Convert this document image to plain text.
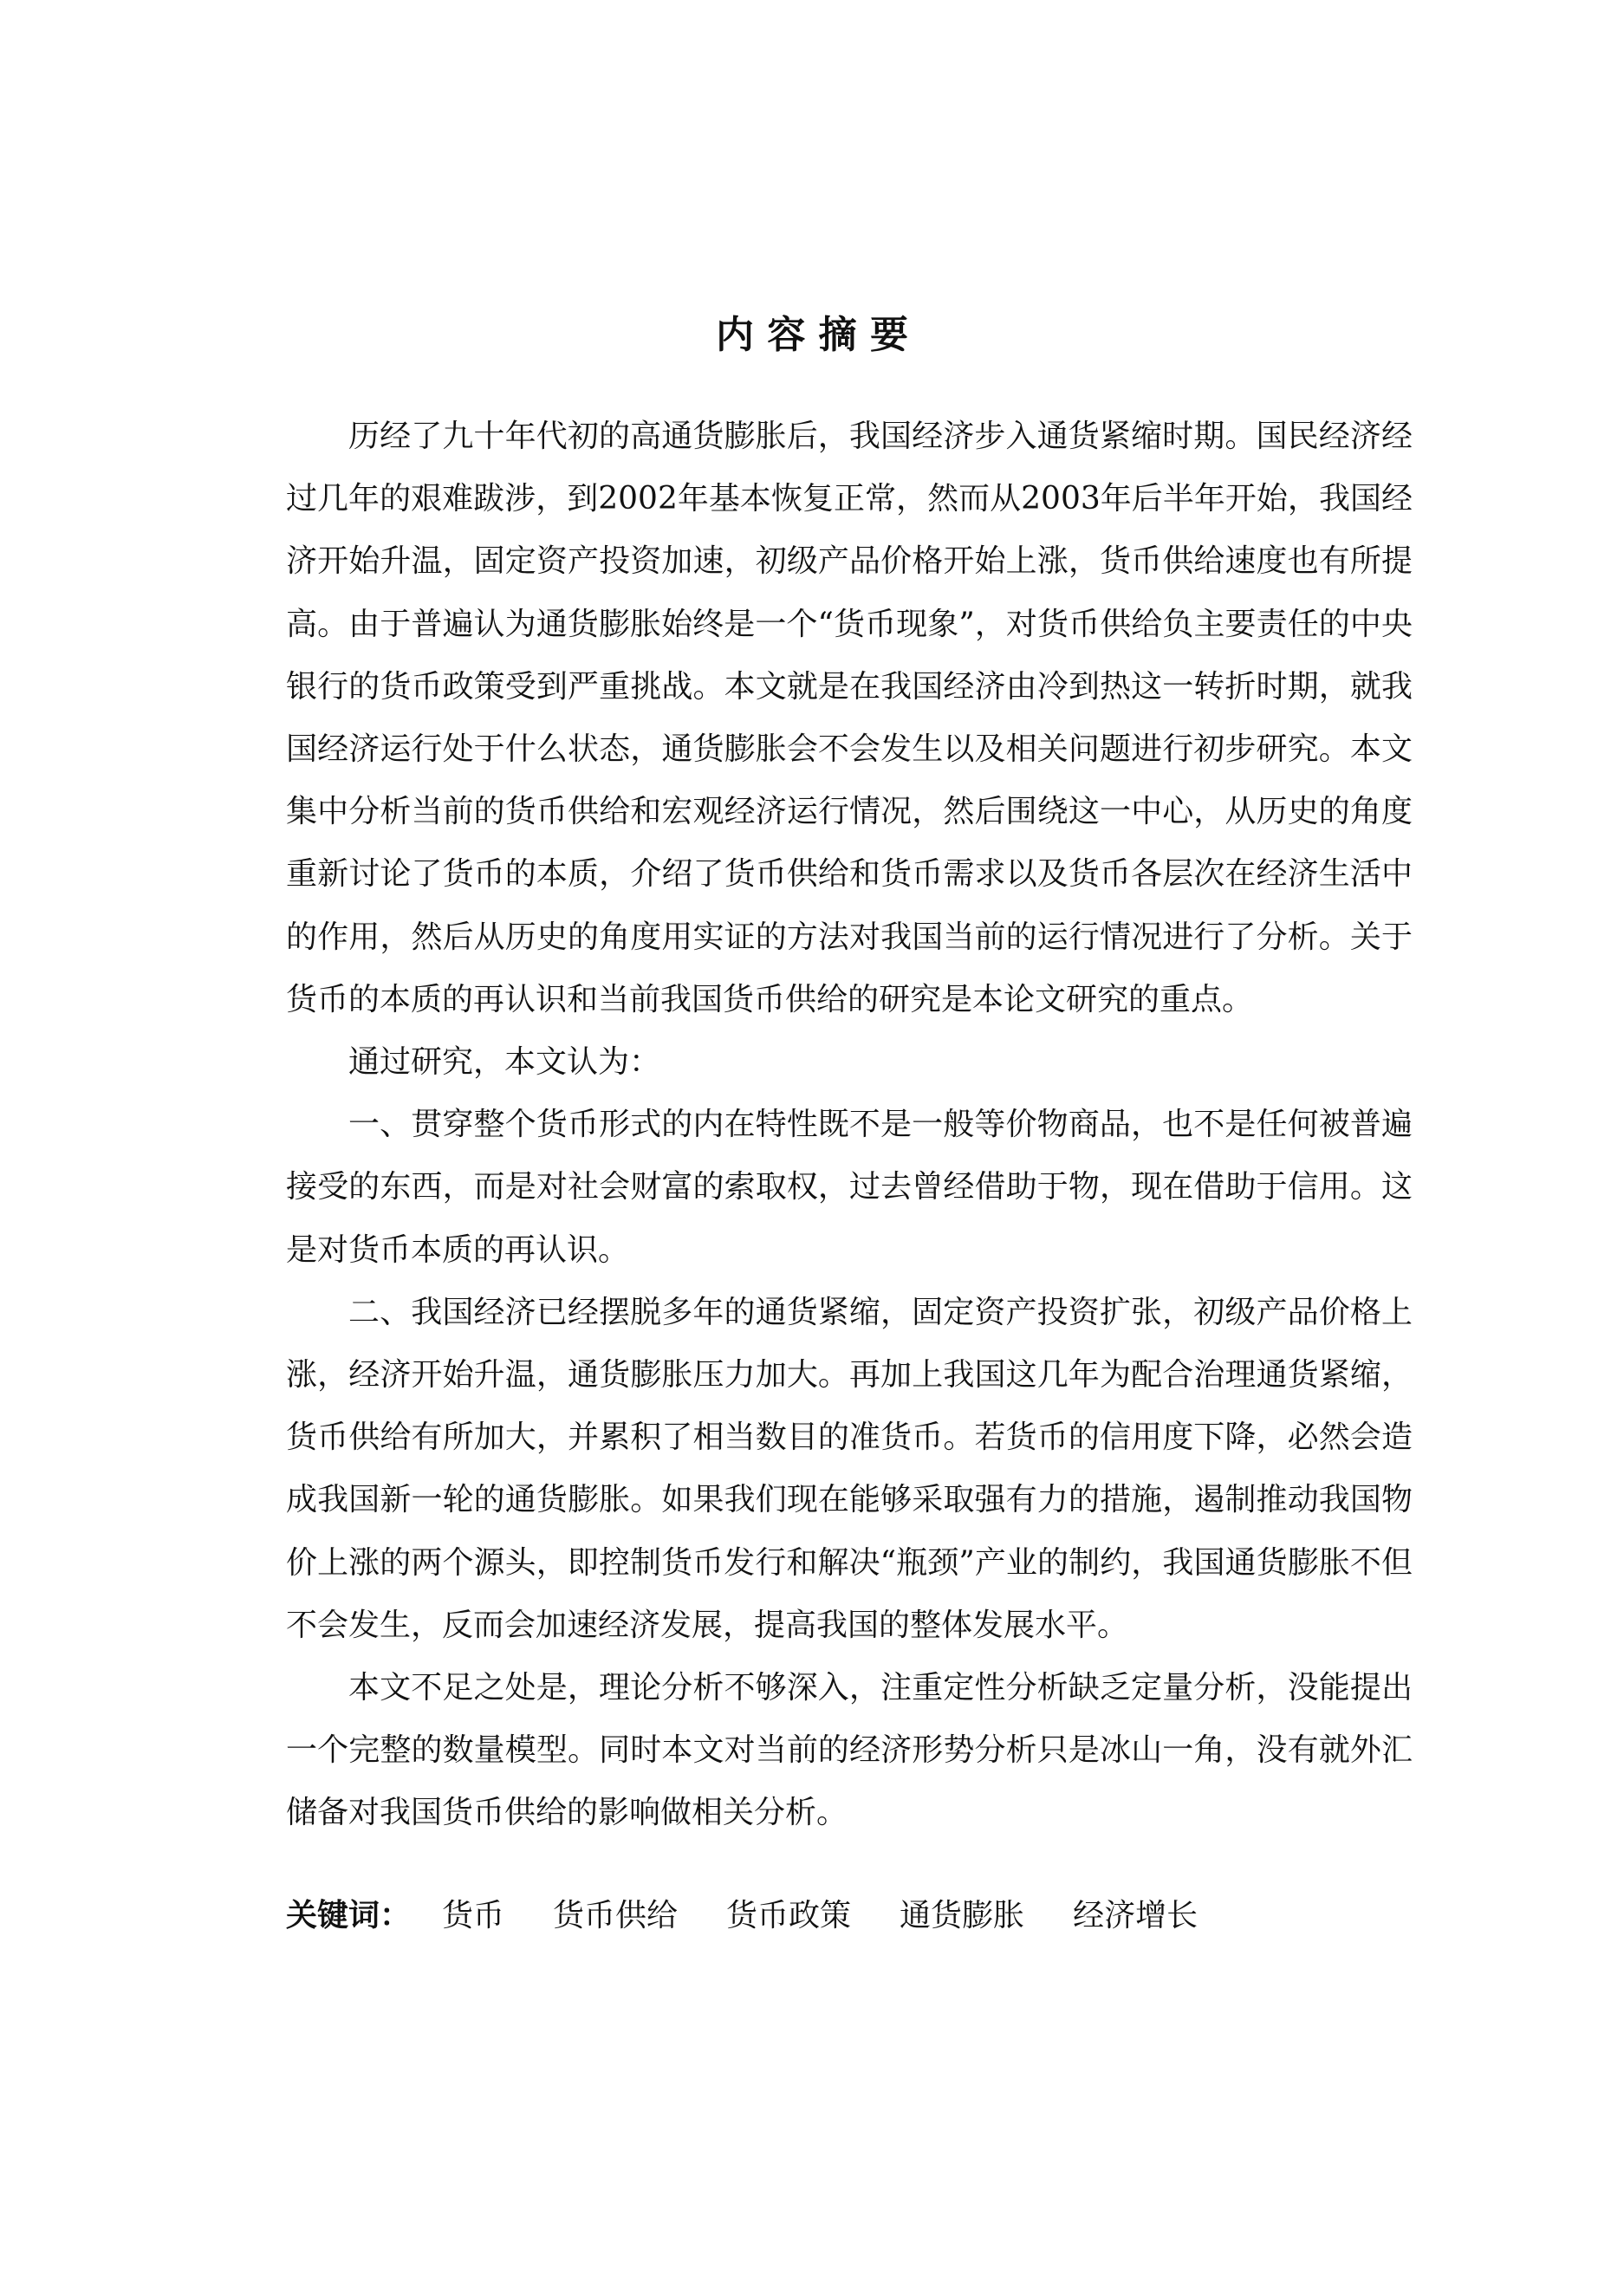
内 容 摘 要

历经了九十年代初的高通货膨胀后，我国经济步入通货紧缩时期。国民经济经过几年的艰难跋涉，到2002年基本恢复正常，然而从2003年后半年开始，我国经济开始升温，固定资产投资加速，初级产品价格开始上涨，货币供给速度也有所提高。由于普遍认为通货膨胀始终是一个“货币现象”，对货币供给负主要责任的中央银行的货币政策受到严重挑战。本文就是在我国经济由冷到热这一转折时期，就我国经济运行处于什么状态，通货膨胀会不会发生以及相关问题进行初步研究。本文集中分析当前的货币供给和宏观经济运行情况，然后围绕这一中心，从历史的角度重新讨论了货币的本质，介绍了货币供给和货币需求以及货币各层次在经济生活中的作用，然后从历史的角度用实证的方法对我国当前的运行情况进行了分析。关于货币的本质的再认识和当前我国货币供给的研究是本论文研究的重点。

通过研究，本文认为：

一、贯穿整个货币形式的内在特性既不是一般等价物商品，也不是任何被普遍接受的东西，而是对社会财富的索取权，过去曾经借助于物，现在借助于信用。这是对货币本质的再认识。

二、我国经济已经摆脱多年的通货紧缩，固定资产投资扩张，初级产品价格上涨，经济开始升温，通货膨胀压力加大。再加上我国这几年为配合治理通货紧缩，货币供给有所加大，并累积了相当数目的准货币。若货币的信用度下降，必然会造成我国新一轮的通货膨胀。如果我们现在能够采取强有力的措施，遏制推动我国物价上涨的两个源头，即控制货币发行和解决“瓶颈”产业的制约，我国通货膨胀不但不会发生，反而会加速经济发展，提高我国的整体发展水平。

本文不足之处是，理论分析不够深入，注重定性分析缺乏定量分析，没能提出一个完整的数量模型。同时本文对当前的经济形势分析只是冰山一角，没有就外汇储备对我国货币供给的影响做相关分析。

关键词： 货币 货币供给 货币政策 通货膨胀 经济增长
